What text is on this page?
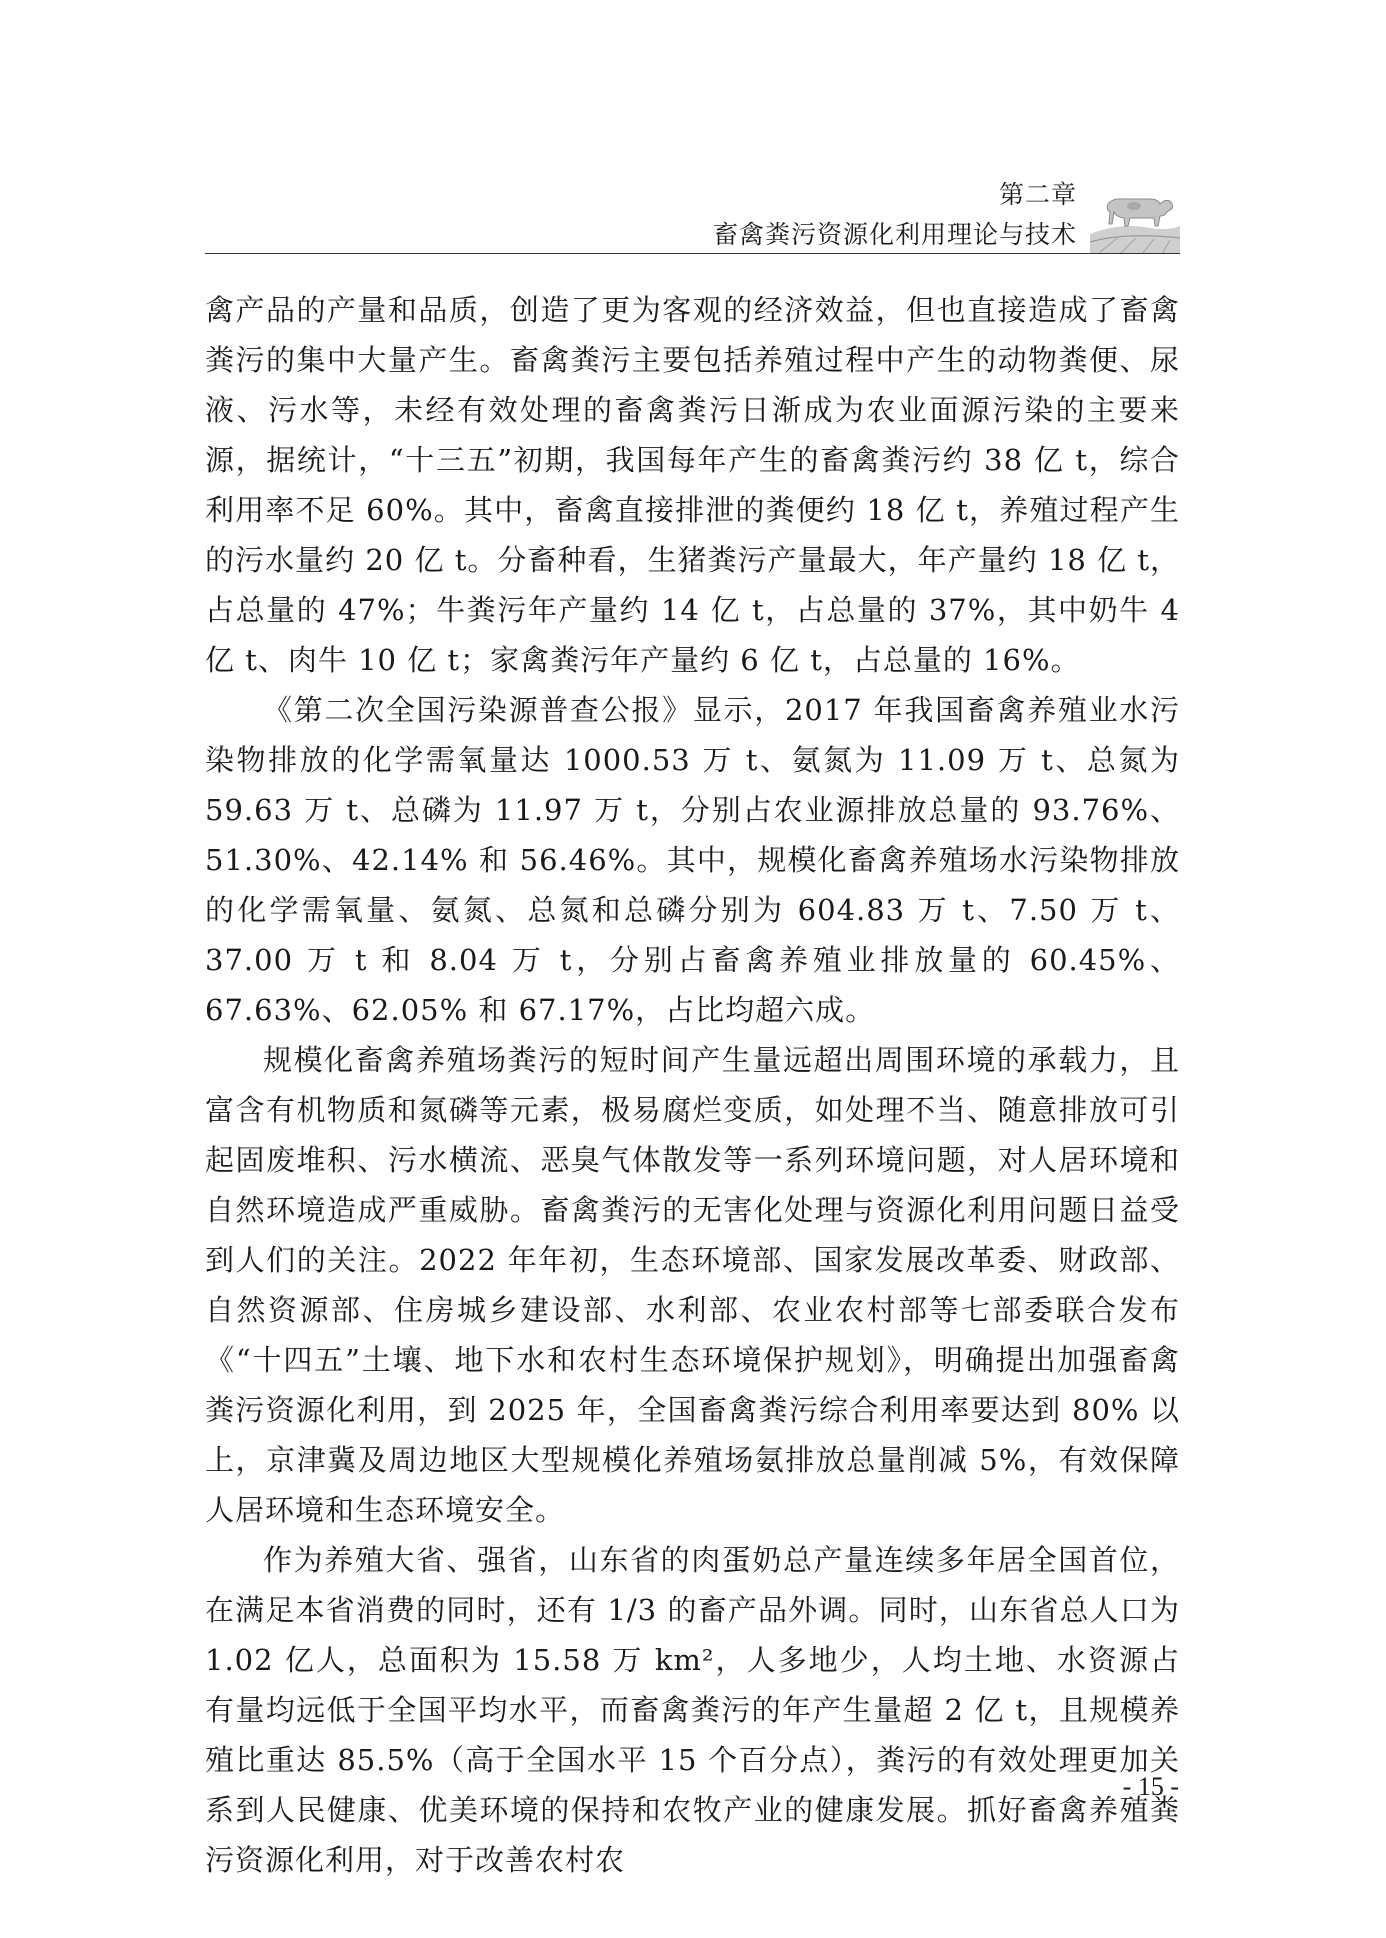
第二章
畜禽粪污资源化利用理论与技术

禽产品的产量和品质，创造了更为客观的经济效益，但也直接造成了畜禽粪污的集中大量产生。畜禽粪污主要包括养殖过程中产生的动物粪便、尿液、污水等，未经有效处理的畜禽粪污日渐成为农业面源污染的主要来源，据统计，“十三五”初期，我国每年产生的畜禽粪污约 38 亿 t，综合利用率不足 60%。其中，畜禽直接排泄的粪便约 18 亿 t，养殖过程产生的污水量约 20 亿 t。分畜种看，生猪粪污产量最大，年产量约 18 亿 t，占总量的 47%；牛粪污年产量约 14 亿 t，占总量的 37%，其中奶牛 4 亿 t、肉牛 10 亿 t；家禽粪污年产量约 6 亿 t，占总量的 16%。

《第二次全国污染源普查公报》显示，2017 年我国畜禽养殖业水污染物排放的化学需氧量达 1000.53 万 t、氨氮为 11.09 万 t、总氮为 59.63 万 t、总磷为 11.97 万 t，分别占农业源排放总量的 93.76%、51.30%、42.14% 和 56.46%。其中，规模化畜禽养殖场水污染物排放的化学需氧量、氨氮、总氮和总磷分别为 604.83 万 t、7.50 万 t、37.00 万 t 和 8.04 万 t，分别占畜禽养殖业排放量的 60.45%、67.63%、62.05% 和 67.17%，占比均超六成。

规模化畜禽养殖场粪污的短时间产生量远超出周围环境的承载力，且富含有机物质和氮磷等元素，极易腐烂变质，如处理不当、随意排放可引起固废堆积、污水横流、恶臭气体散发等一系列环境问题，对人居环境和自然环境造成严重威胁。畜禽粪污的无害化处理与资源化利用问题日益受到人们的关注。2022 年年初，生态环境部、国家发展改革委、财政部、自然资源部、住房城乡建设部、水利部、农业农村部等七部委联合发布《“十四五”土壤、地下水和农村生态环境保护规划》，明确提出加强畜禽粪污资源化利用，到 2025 年，全国畜禽粪污综合利用率要达到 80% 以上，京津冀及周边地区大型规模化养殖场氨排放总量削减 5%，有效保障人居环境和生态环境安全。

作为养殖大省、强省，山东省的肉蛋奶总产量连续多年居全国首位，在满足本省消费的同时，还有 1/3 的畜产品外调。同时，山东省总人口为 1.02 亿人，总面积为 15.58 万 km²，人多地少，人均土地、水资源占有量均远低于全国平均水平，而畜禽粪污的年产生量超 2 亿 t，且规模养殖比重达 85.5%（高于全国水平 15 个百分点），粪污的有效处理更加关系到人民健康、优美环境的保持和农牧产业的健康发展。抓好畜禽养殖粪污资源化利用，对于改善农村农

- 15 -
